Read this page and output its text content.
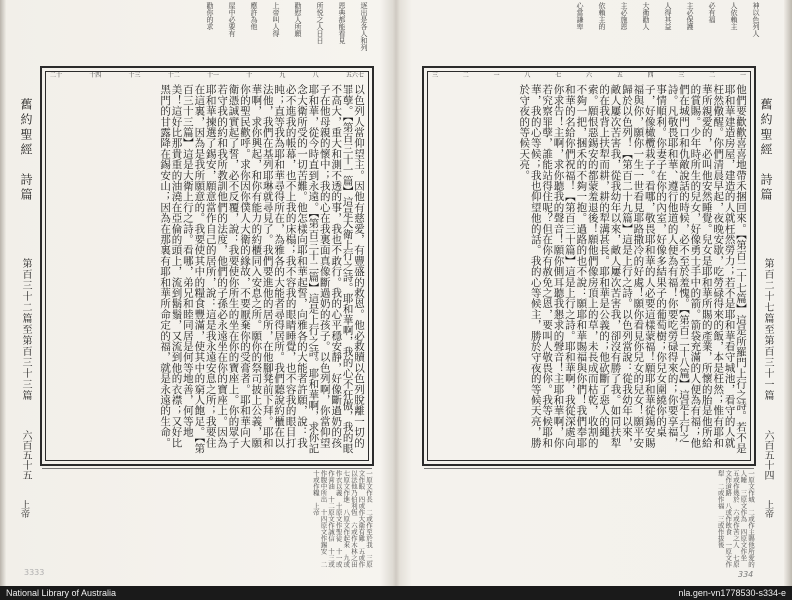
逐出是各人和列
恩典都能看見
所悦之人日日
勸慰人所願
上帝叫人得
應許為他
屋中必要有
勸你的求
二十	十四	十三	十二	十一	十	九	八	五六七
以色列人當仰望主。因他有慈愛，有豐盛的救恩。他必救贖以色列脫離一切的罪孽。【第百三十一篇】這是大衛上行之詩。耶和華啊，我的心不狂傲，我的眼不高大，重大和測不透的事，我也不敢行。我的心平穩安靜，好像斷過奶的孩子在他母親的懷中；我的心在我裏面真像斷過奶的孩子。以色列啊，你當仰望耶和華，從今時直到永遠。【第百三十二篇】這是上行之詩。耶和華啊，求你記念大衛所受的一切苦難。他怎樣向耶和華起誓，向雅各的大能者許願，說：我必不進我的帳幕，也不上我的床榻；我不容我的眼睛睡覺，也不容我的眼目打盹；直等我為耶和華尋得所在，為雅各的大能者尋得居所。我們聽說約櫃在以法他，我們在基列耶琳就尋見了。我們要進他的居所，在他腳凳前下拜。耶和華啊，求你興起，和你有能力的約櫃同入安息之所。願你的祭司披上公義，願你的聖民歡呼。求你因你僕人大衛的緣故，不要厭棄你的受膏者。耶和華向大衛憑誠實起了誓，必不反覆，說：我要使你所生的坐在你的寶座上。你的眾子若守我的約和我所教訓他們的法度，他們的子孫必永遠坐在你的寶座上。因為耶和華揀選了錫安，願意當作自己的居所，說：這是我永遠安息之所；我要住在這裏，因為是我所願意的。我要使其中的糧食豐滿，使其中的窮人飽足。【第百三十三篇】這是大衛上行之詩。看哪，弟兄和睦同居是何等地善，何等地美！這好比那貴重的油澆在亞倫的頭上，流到鬍鬚，又流到他的衣襟；又好比黑門的甘露降在錫安山；因為在那裏有耶和華所命定的福，就是永遠的生命。
舊約聖經　詩篇
第百三十二篇至第百三十三篇
六百五十五
上帝	一原文作長　二或作至於我　三原文作眼　四或作大衛有難　五或作以法他乃伯利恆　六或作木林之田　七原文作進　八原文作起來　九或作衣以義　十原文作聖徒　十一或作膏油　十二原文作誠信　十三或作腹中所出　十四原文作錫安　二十或作糧　上帝
神以色列人
人依賴主
必有福
主必保護
人得其益
大衛勸人
主必施恩
依賴主的
心當謙卑
三	二	一	八	七	六	五	四	三	二	一
他們要歡歡喜喜地帶禾捆回來。【第百二十七篇】這是所羅門上行之詩。若不是耶和華建造房屋，建造的人就枉然勞力；若不是耶和華看守城池，看守的人就枉然儆醒。你們清晨早起，夜晚安歇，吃勞碌得來的飯，本是枉然；惟有耶和華所親愛的，必叫他安然睡覺。兒女是耶和華所賜的產業，所懷的胎是他所給的賞賜。少年時所生的兒女，好像勇士手中的箭。箭袋充滿的人便為有福；他們在城門口和仇敵說話的時候，必不至於羞愧。【第百二十八篇】這是上行之詩。凡敬畏耶和華、遵行他道的人便為有福！你要吃勞碌得來的；你要享福，事情順利。你妻子在你的內室，好像多結果子的葡萄樹；你兒女圍繞你的桌子，好像橄欖栽子。看哪，敬畏耶和華的人必要這樣蒙福！願耶和華從錫安賜福與你，願你一生一世看見耶路撒冷的好處！願你看見你兒女的兒女！願平安歸於以色列！【第百二十九篇】這是上行之詩。以色列當說：從我幼年以來，敵人屢次苦害我，從我幼年以來，敵人屢次苦害我，卻沒有勝了我。如同扶犁的在我背上扶犁而耕，耕的犁溝甚長。耶和華是公義的；他砍斷了惡人的繩索。願恨惡錫安的都蒙羞退後！願他們像房頂上的草，未長成而枯乾，收割的不夠一把，捆禾的不夠一抱。過路的也不說：願耶和華賜福與你們！我們奉耶和華的名給你們祝福！【第百三十篇】這是上行之詩。耶和華啊，我從深處向你求告！主啊，求你聽我的聲音！願你側耳聽我懇求的聲音！主耶和華啊，你若究察罪孽，誰能站得住呢？但在你有赦免之恩，要叫人敬畏你。我等候耶和華，我的心等候；我也仰望他的話。我的心等候主，勝於守夜的等候天亮，勝於守夜的等候天亮。	舊約聖經　詩篇
第百二十七篇至第百三十一篇
六百五十四
上帝
一原文作城　二或作主賜他所愛的人睡　三原文作為　四原文作坐　五或作幾於　六或作苦之人　七原文作道路　八或作飲食　一原文作犁　二或作福　三或作拔後
3333	334
National Library of Australia	nla.gen-vn1778530-s334-e
